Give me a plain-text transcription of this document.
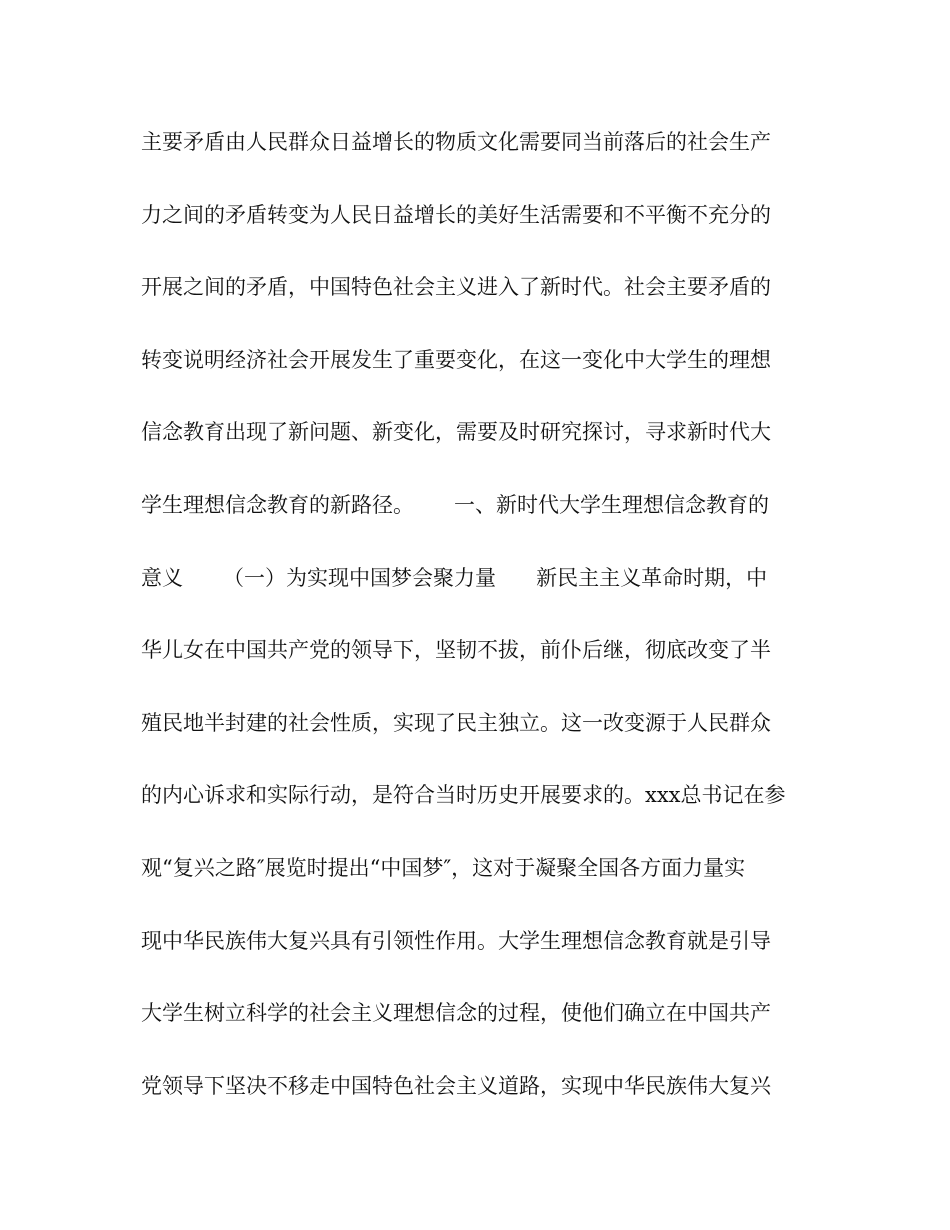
主要矛盾由人民群众日益增长的物质文化需要同当前落后的社会生产
力之间的矛盾转变为人民日益增长的美好生活需要和不平衡不充分的
开展之间的矛盾，中国特色社会主义进入了新时代。社会主要矛盾的
转变说明经济社会开展发生了重要变化，在这一变化中大学生的理想
信念教育出现了新问题、新变化，需要及时研究探讨，寻求新时代大
学生理想信念教育的新路径。      一、新时代大学生理想信念教育的
意义      （一）为实现中国梦会聚力量      新民主主义革命时期，中
华儿女在中国共产党的领导下，坚韧不拔，前仆后继，彻底改变了半
殖民地半封建的社会性质，实现了民主独立。这一改变源于人民群众
的内心诉求和实际行动，是符合当时历史开展要求的。xxx总书记在参
观“复兴之路″展览时提出“中国梦″，这对于凝聚全国各方面力量实
现中华民族伟大复兴具有引领性作用。大学生理想信念教育就是引导
大学生树立科学的社会主义理想信念的过程，使他们确立在中国共产
党领导下坚决不移走中国特色社会主义道路，实现中华民族伟大复兴
